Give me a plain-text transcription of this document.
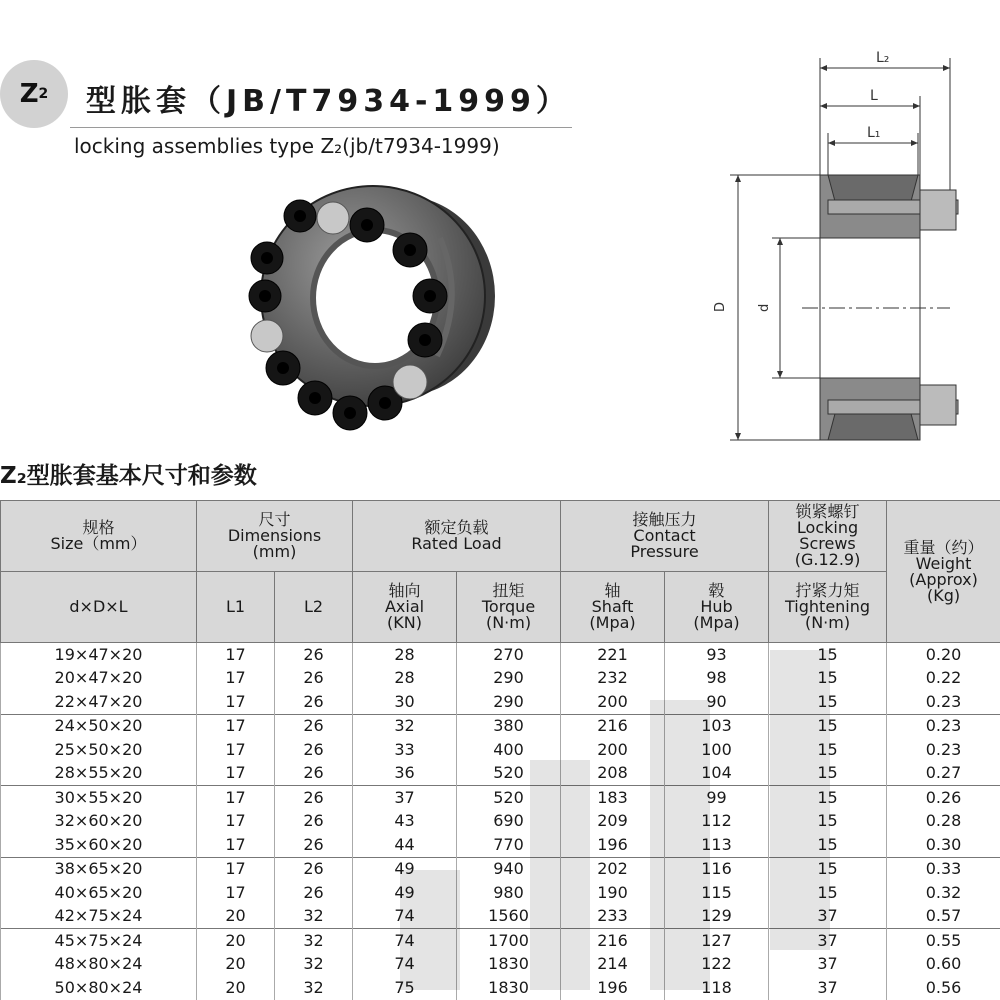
Z 2 型胀套（JB/T7934-1999）
locking assemblies type Z₂(jb/t7934-1999)
D d
L₂
L
L₁
Z₂型胀套基本尺寸和参数
规格
Size（mm）	尺寸
Dimensions
(mm)		额定负载
Rated Load		接触压力
Contact
Pressure		锁紧螺钉
Locking
Screws
(G.12.9)	重量（约）
Weight
(Approx)
(Kg)

d×D×L	L1	L2	轴向
Axial
(KN)	扭矩
Torque
(N·m)	轴
Shaft
(Mpa)	毂
Hub
(Mpa)	拧紧力矩
Tightening
(N·m)	

19×47×20	17	26	28	270	221	93	15	0.20
20×47×20	17	26	28	290	232	98	15	0.22
22×47×20	17	26	30	290	200	90	15	0.23
24×50×20	17	26	32	380	216	103	15	0.23
25×50×20	17	26	33	400	200	100	15	0.23
28×55×20	17	26	36	520	208	104	15	0.27
30×55×20	17	26	37	520	183	99	15	0.26
32×60×20	17	26	43	690	209	112	15	0.28
35×60×20	17	26	44	770	196	113	15	0.30
38×65×20	17	26	49	940	202	116	15	0.33
40×65×20	17	26	49	980	190	115	15	0.32
42×75×24	20	32	74	1560	233	129	37	0.57
45×75×24	20	32	74	1700	216	127	37	0.55
48×80×24	20	32	74	1830	214	122	37	0.60
50×80×24	20	32	75	1830	196	118	37	0.56
